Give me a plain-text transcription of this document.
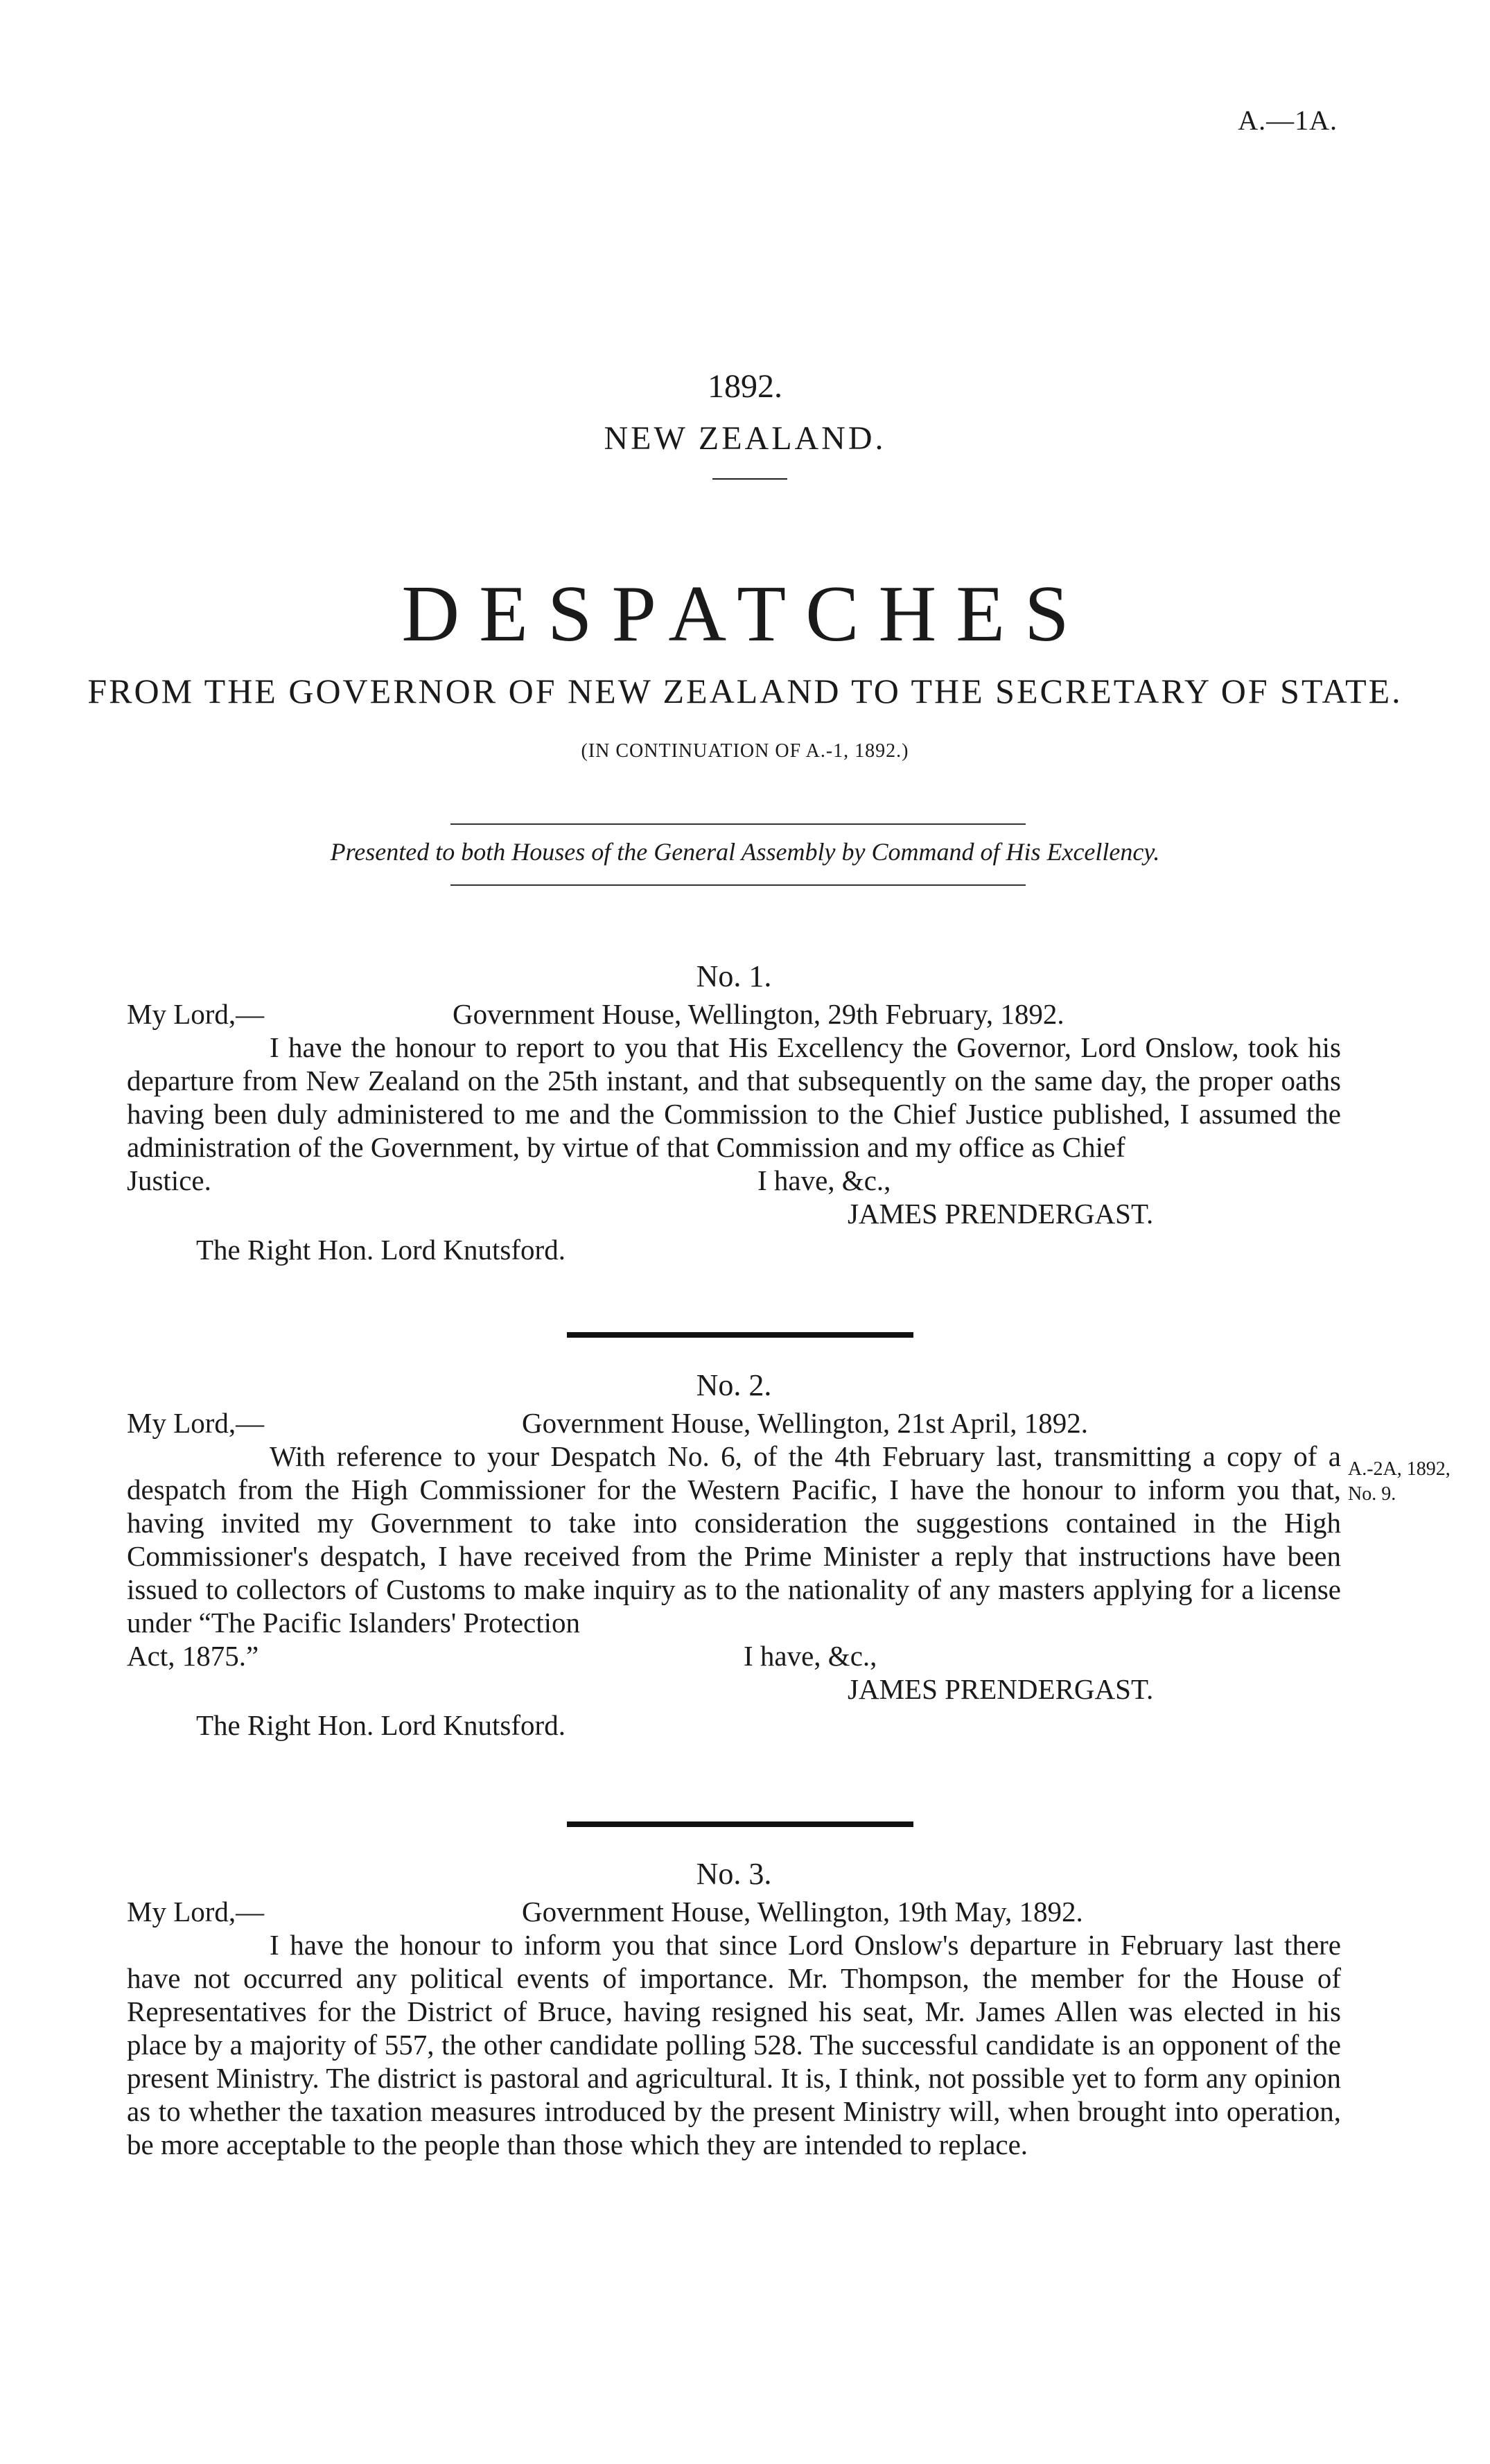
A.—1A.
1892.
NEW ZEALAND.
DESPATCHES
FROM THE GOVERNOR OF NEW ZEALAND TO THE SECRETARY OF STATE.
(IN CONTINUATION OF A.-1, 1892.)
Presented to both Houses of the General Assembly by Command of His Excellency.
No. 1.
My Lord,—	Government House, Wellington, 29th February, 1892.
I have the honour to report to you that His Excellency the Governor, Lord Onslow, took his departure from New Zealand on the 25th instant, and that subsequently on the same day, the proper oaths having been duly administered to me and the Commission to the Chief Justice published, I assumed the administration of the Government, by virtue of that Commission and my office as Chief
Justice.	I have, &c.,
JAMES PRENDERGAST.
The Right Hon. Lord Knutsford.
No. 2.
My Lord,—	Government House, Wellington, 21st April, 1892.
With reference to your Despatch No. 6, of the 4th February last, transmitting a copy of a despatch from the High Commissioner for the Western Pacific, I have the honour to inform you that, having invited my Government to take into consideration the suggestions contained in the High Commissioner's despatch, I have received from the Prime Minister a reply that instructions have been issued to collectors of Customs to make inquiry as to the nationality of any masters applying for a license under “The Pacific Islanders' Protection
Act, 1875.”	I have, &c.,
JAMES PRENDERGAST.
The Right Hon. Lord Knutsford.
A.-2A, 1892, No. 9.
No. 3.
My Lord,—	Government House, Wellington, 19th May, 1892.
I have the honour to inform you that since Lord Onslow's departure in February last there have not occurred any political events of importance. Mr. Thompson, the member for the House of Representatives for the District of Bruce, having resigned his seat, Mr. James Allen was elected in his place by a majority of 557, the other candidate polling 528. The successful candidate is an opponent of the present Ministry. The district is pastoral and agricultural. It is, I think, not possible yet to form any opinion as to whether the taxation measures introduced by the present Ministry will, when brought into operation, be more acceptable to the people than those which they are intended to replace.
